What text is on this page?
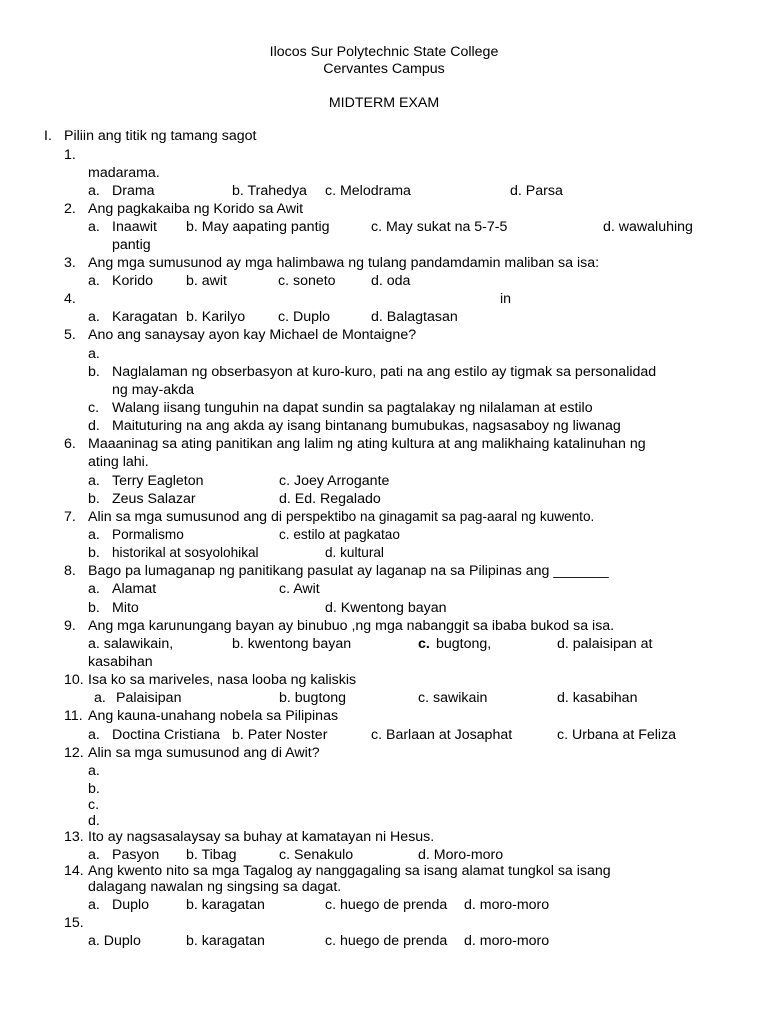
Ilocos Sur Polytechnic State College
Cervantes Campus
MIDTERM EXAM
I. Piliin ang titik ng tamang sagot
1.
madarama.
a. Drama	b. Trahedya c. Melodrama	d. Parsa
2. Ang pagkakaiba ng Korido sa Awit
a. Inaawit b. May aapating pantig	c. May sukat na 5-7-5	d. wawaluhing
pantig
3. Ang mga sumusunod ay mga halimbawa ng tulang pandamdamin maliban sa isa:
a. Korido b. awit	c. soneto d. oda
4.	in
a. Karagatan b. Karilyo c. Duplo	d. Balagtasan
5. Ano ang sanaysay ayon kay Michael de Montaigne?
a.
b. Naglalaman ng obserbasyon at kuro-kuro, pati na ang estilo ay tigmak sa personalidad
ng may-akda
c. Walang iisang tunguhin na dapat sundin sa pagtalakay ng nilalaman at estilo
d. Maituturing na ang akda ay isang bintanang bumubukas, nagsasaboy ng liwanag
6. Maaaninag sa ating panitikan ang lalim ng ating kultura at ang malikhaing katalinuhan ng
ating lahi.
a. Terry Eagleton	c. Joey Arrogante
b. Zeus Salazar	d. Ed. Regalado
7. Alin sa mga sumusunod ang di perspektibo na ginagamit sa pag-aaral ng kuwento.
a. Pormalismo	c. estilo at pagkatao
b. historikal at sosyolohikal	d. kultural
8. Bago pa lumaganap ng panitikang pasulat ay laganap na sa Pilipinas ang _______
a. Alamat	c. Awit
b. Mito	d. Kwentong bayan
9. Ang mga karunungang bayan ay binubuo ,ng mga nabanggit sa ibaba bukod sa isa.
a. salawikain,	b. kwentong bayan	c. bugtong,	d. palaisipan at
kasabihan
10. Isa ko sa mariveles, nasa looba ng kaliskis
a. Palaisipan	b. bugtong	c. sawikain	d. kasabihan
11. Ang kauna-unahang nobela sa Pilipinas
a. Doctina Cristiana b. Pater Noster	c. Barlaan at Josaphat	c. Urbana at Feliza
12. Alin sa mga sumusunod ang di Awit?
a.
b.
c.
d.
13. Ito ay nagsasalaysay sa buhay at kamatayan ni Hesus.
a. Pasyon b. Tibag	c. Senakulo	d. Moro-moro
14. Ang kwento nito sa mga Tagalog ay nanggagaling sa isang alamat tungkol sa isang
dalagang nawalan ng singsing sa dagat.
a. Duplo	b. karagatan	c. huego de prenda d. moro-moro
15.
a. Duplo	b. karagatan	c. huego de prenda d. moro-moro
